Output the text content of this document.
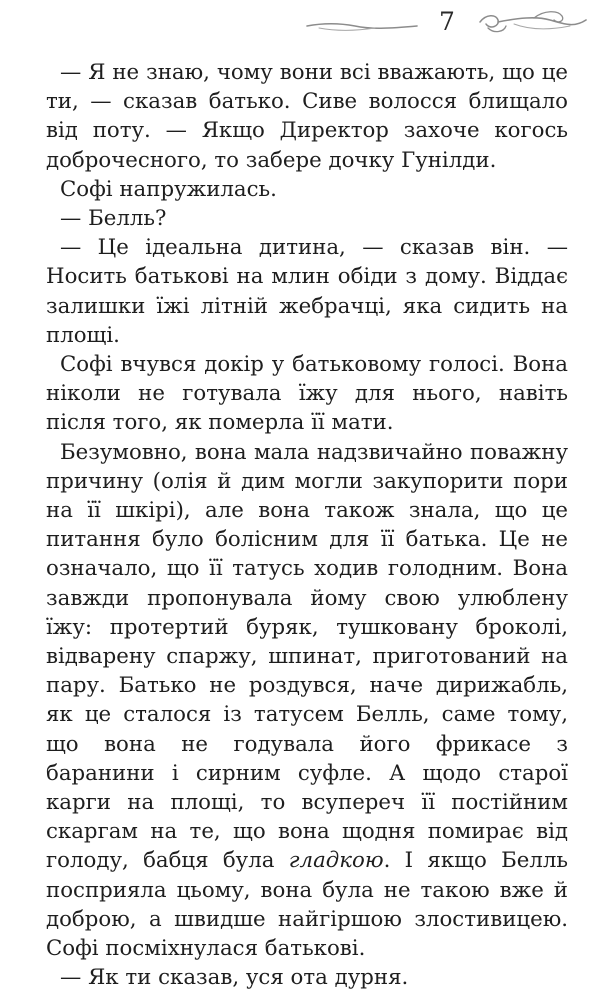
7

— Я не знаю, чому вони всі вважають, що це ти, — сказав батько. Сиве волосся блищало від поту. — Якщо Директор захоче когось доброчесного, то забере дочку Гунілди.

Софі напружилась.

— Белль?

— Це ідеальна дитина, — сказав він. — Носить батькові на млин обіди з дому. Віддає залишки їжі літній жебрачці, яка сидить на площі.

Софі вчувся докір у батьковому голосі. Вона ніколи не готувала їжу для нього, навіть після того, як померла її мати.

Безумовно, вона мала надзвичайно поважну причину (олія й дим могли закупорити пори на її шкірі), але вона також знала, що це питання було болісним для її батька. Це не означало, що її татусь ходив голодним. Вона завжди пропонувала йому свою улюблену їжу: протертий буряк, тушковану броколі, відварену спаржу, шпинат, приготований на пару. Батько не роздувся, наче дирижабль, як це сталося із татусем Белль, саме тому, що вона не годувала його фрикасе з баранини і сирним суфле. А щодо старої карги на площі, то всупереч її постійним скаргам на те, що вона щодня помирає від голоду, бабця була гладкою. І якщо Белль посприяла цьому, вона була не такою вже й доброю, а швидше найгіршою злостивицею. Софі посміхнулася батькові.

— Як ти сказав, уся ота дурня.
